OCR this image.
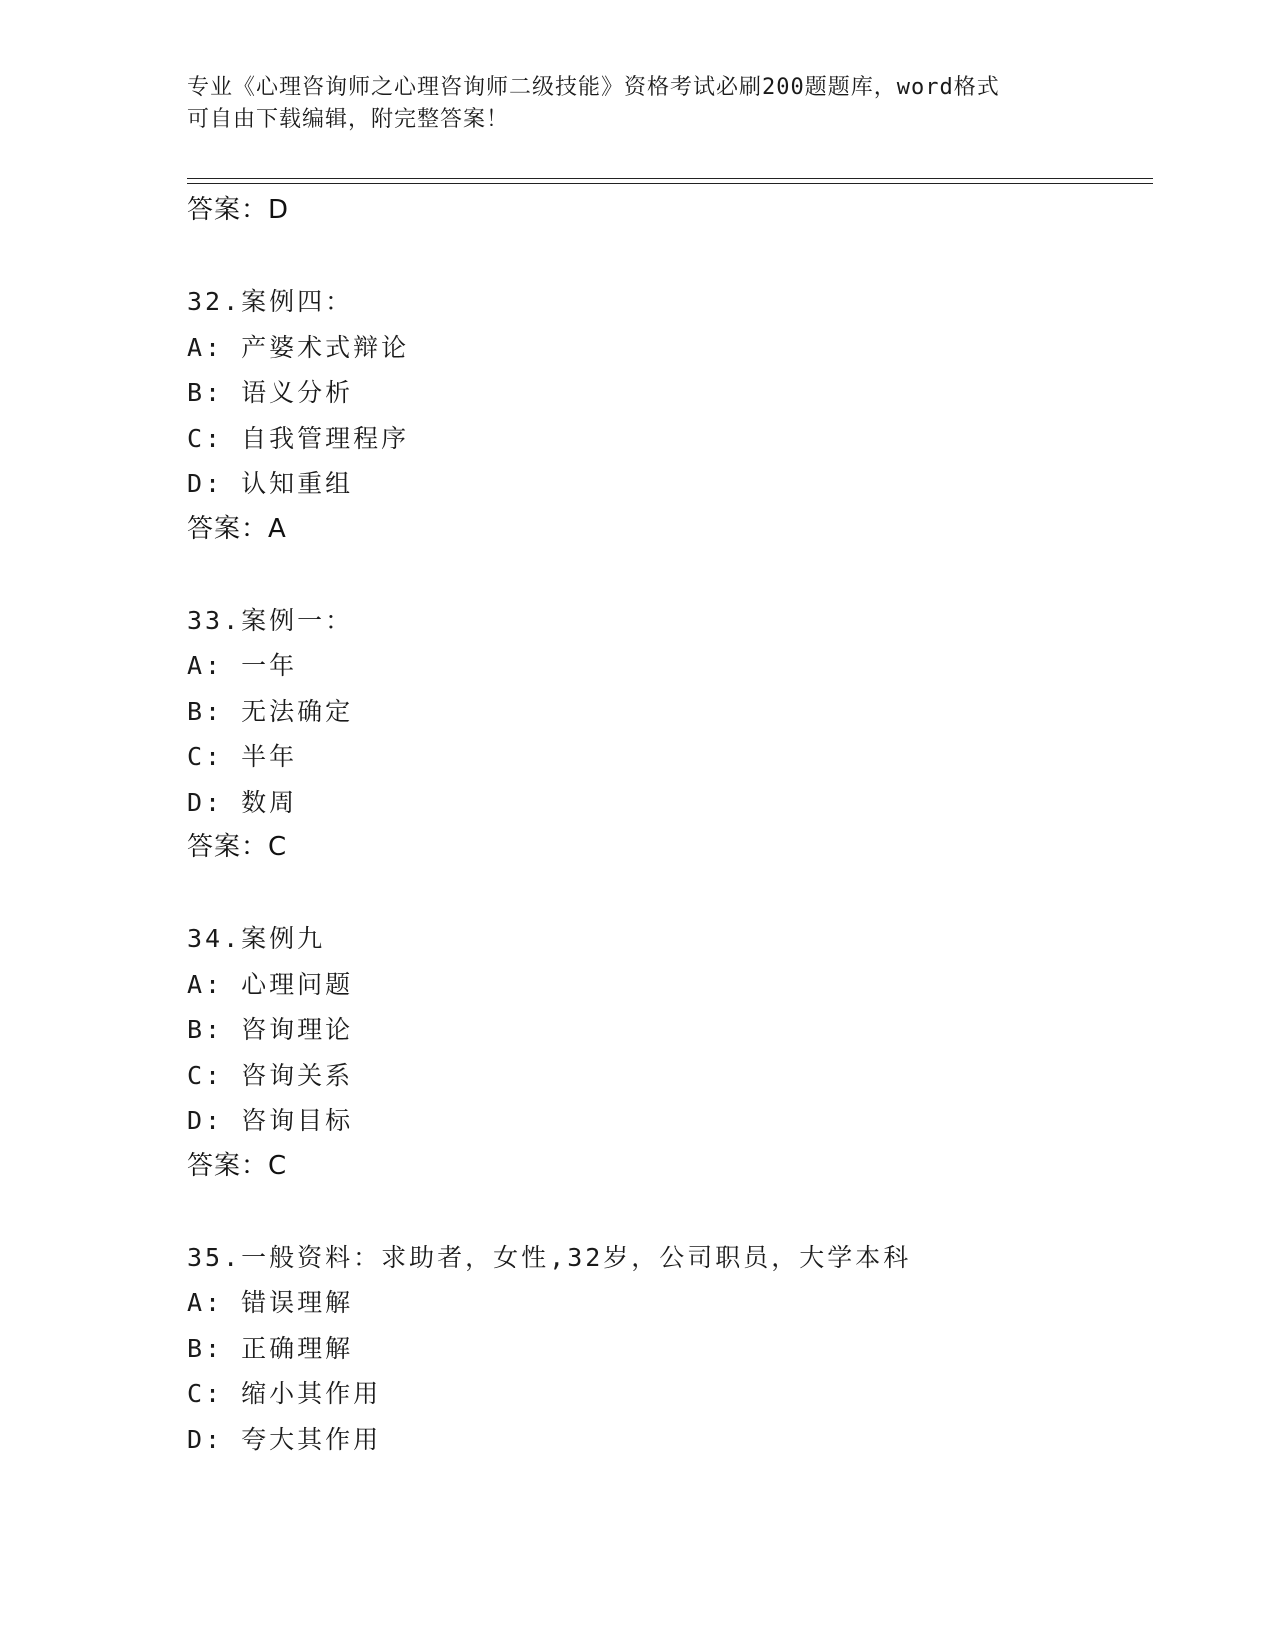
专业《心理咨询师之心理咨询师二级技能》资格考试必刷200题题库，word格式
可自由下载编辑，附完整答案！
答案：D
32.案例四：
A: 产婆术式辩论
B: 语义分析
C: 自我管理程序
D: 认知重组
答案：A
33.案例一：
A: 一年
B: 无法确定
C: 半年
D: 数周
答案：C
34.案例九
A: 心理问题
B: 咨询理论
C: 咨询关系
D: 咨询目标
答案：C
35.一般资料：求助者，女性,32岁，公司职员，大学本科
A: 错误理解
B: 正确理解
C: 缩小其作用
D: 夸大其作用
